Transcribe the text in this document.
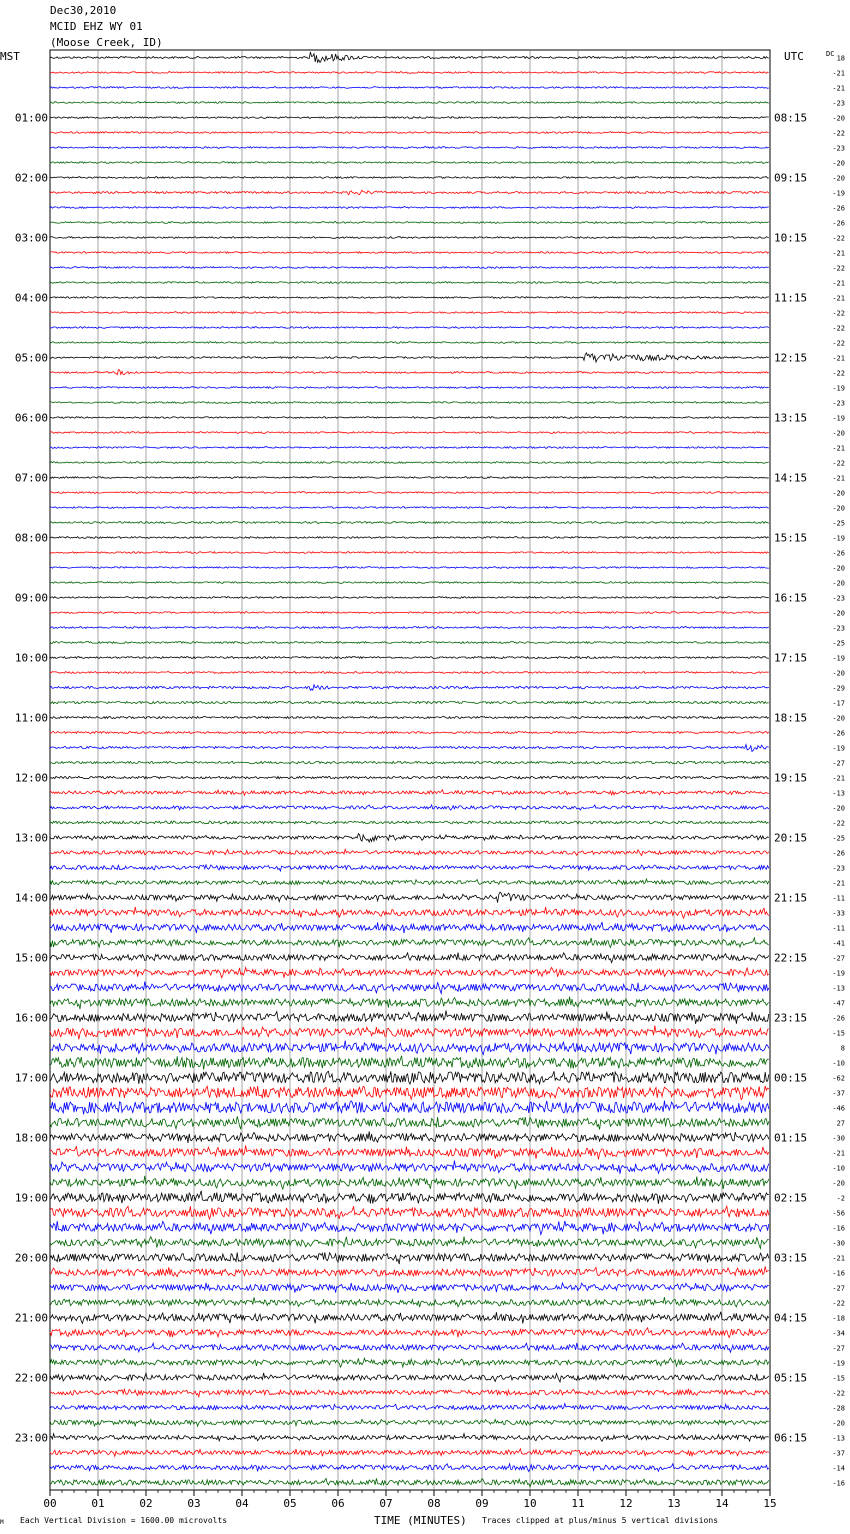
Dec30,2010
MCID EHZ WY 01
(Moose Creek, ID)
01:00
02:00
03:00
04:00
05:00
06:00
07:00
08:00
09:00
10:00
11:00
12:00
13:00
14:00
15:00
16:00
17:00
18:00
19:00
20:00
21:00
22:00
23:00
08:15
09:15
10:15
11:15
12:15
13:15
14:15
15:15
16:15
17:15
18:15
19:15
20:15
21:15
22:15
23:15
00:15
01:15
02:15
03:15
04:15
05:15
06:15
18
-21
-21
-23
-20
-22
-23
-20
-20
-19
-26
-26
-22
-21
-22
-21
-21
-22
-22
-22
-21
-22
-19
-23
-19
-20
-21
-22
-21
-20
-20
-25
-19
-26
-20
-20
-23
-20
-23
-25
-19
-20
-29
-17
-20
-26
-19
-27
-21
-13
-20
-22
-25
-26
-23
-21
-11
-33
-11
-41
-27
-19
-13
-47
-26
-15
8
-10
-62
-37
-46
27
-30
-21
-10
-20
-2
-56
-16
-30
-21
-16
-27
-22
-18
-34
-27
-19
-15
-22
-28
-20
-13
-37
-14
-16
00	01	02	03	04	05	06	07	08	09	10	11	12	13	14	15
MST	UTC	DC
M Each Vertical Division = 1600.00 microvolts	TIME (MINUTES) Traces clipped at plus/minus 5 vertical divisions
